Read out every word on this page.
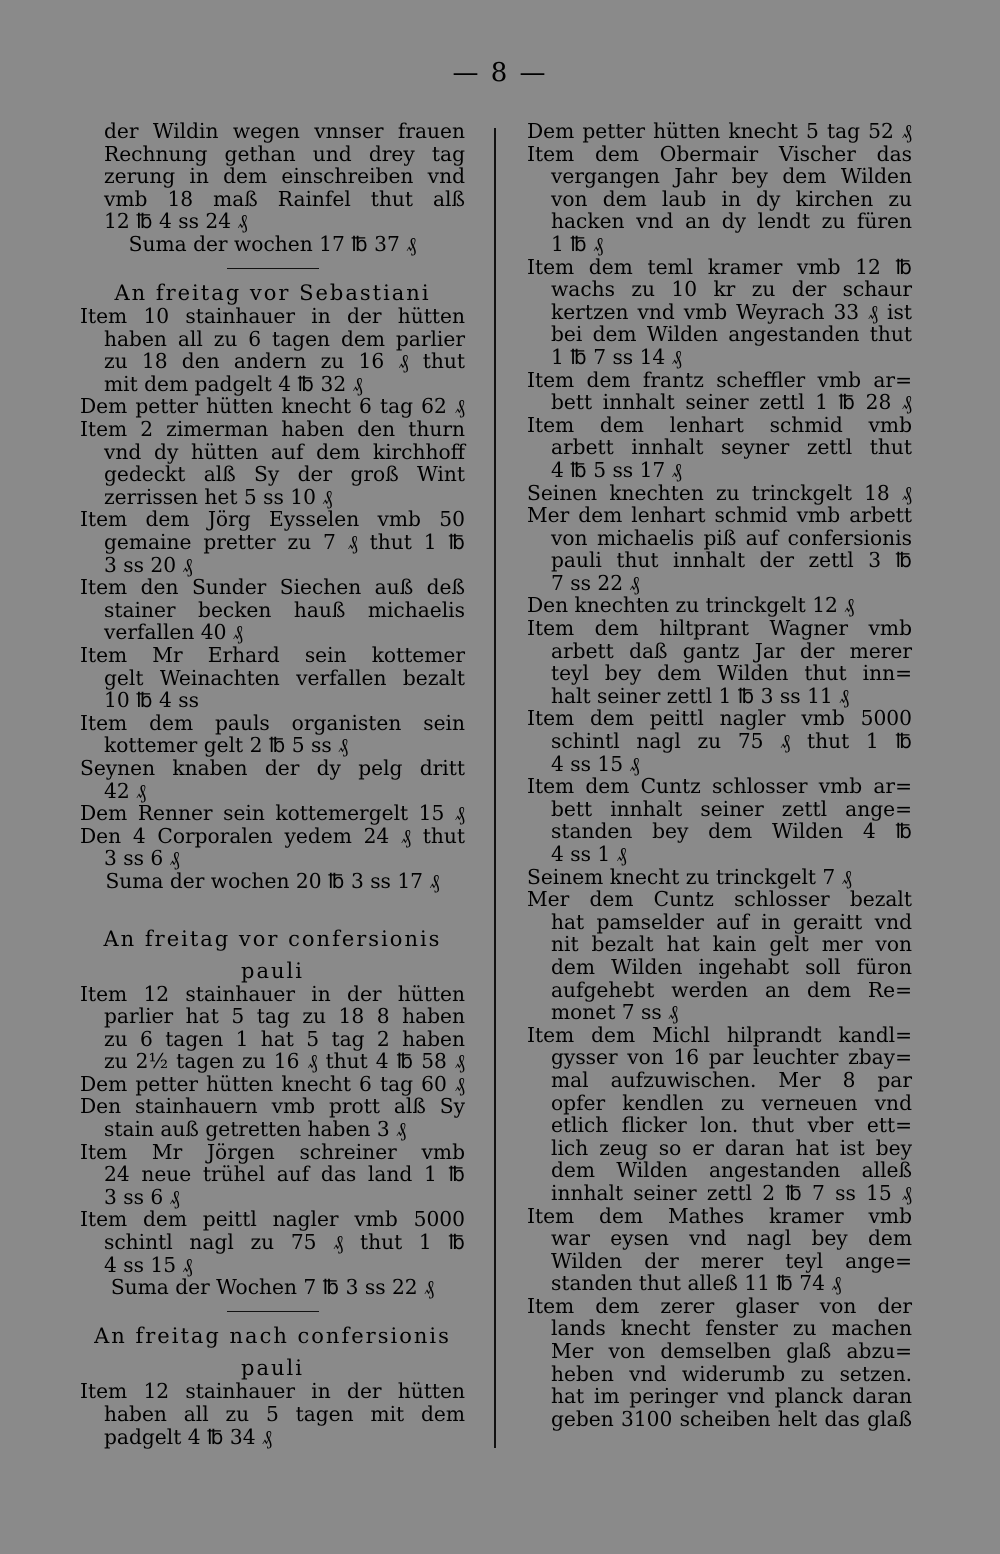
— 8 —
der Wildin wegen vnnser frauen
Rechnung gethan und drey tag
zerung in dem einschreiben vnd
vmb 18 maß Rainfel thut alß
12 ℔ 4 ss 24 ₰
Suma der wochen 17 ℔ 37 ₰
An freitag vor Sebastiani
Item 10 stainhauer in der hütten
haben all zu 6 tagen dem parlier
zu 18 den andern zu 16 ₰ thut
mit dem padgelt 4 ℔ 32 ₰
Dem petter hütten knecht 6 tag 62 ₰
Item 2 zimerman haben den thurn
vnd dy hütten auf dem kirchhoff
gedeckt alß Sy der groß Wint
zerrissen het 5 ss 10 ₰
Item dem Jörg Eysselen vmb 50
gemaine pretter zu 7 ₰ thut 1 ℔
3 ss 20 ₰
Item den Sunder Siechen auß deß
stainer becken hauß michaelis
verfallen 40 ₰
Item Mr Erhard sein kottemer
gelt Weinachten verfallen bezalt
10 ℔ 4 ss
Item dem pauls organisten sein
kottemer gelt 2 ℔ 5 ss ₰
Seynen knaben der dy pelg dritt
42 ₰
Dem Renner sein kottemergelt 15 ₰
Den 4 Corporalen yedem 24 ₰ thut
3 ss 6 ₰
Suma der wochen 20 ℔ 3 ss 17 ₰
An freitag vor confersionis
pauli
Item 12 stainhauer in der hütten
parlier hat 5 tag zu 18 8 haben
zu 6 tagen 1 hat 5 tag 2 haben
zu 2½ tagen zu 16 ₰ thut 4 ℔ 58 ₰
Dem petter hütten knecht 6 tag 60 ₰
Den stainhauern vmb prott alß Sy
stain auß getretten haben 3 ₰
Item Mr Jörgen schreiner vmb
24 neue trühel auf das land 1 ℔
3 ss 6 ₰
Item dem peittl nagler vmb 5000
schintl nagl zu 75 ₰ thut 1 ℔
4 ss 15 ₰
Suma der Wochen 7 ℔ 3 ss 22 ₰
An freitag nach confersionis
pauli
Item 12 stainhauer in der hütten
haben all zu 5 tagen mit dem
padgelt 4 ℔ 34 ₰
Dem petter hütten knecht 5 tag 52 ₰
Item dem Obermair Vischer das
vergangen Jahr bey dem Wilden
von dem laub in dy kirchen zu
hacken vnd an dy lendt zu füren
1 ℔ ₰
Item dem teml kramer vmb 12 ℔
wachs zu 10 kr zu der schaur
kertzen vnd vmb Weyrach 33 ₰ ist
bei dem Wilden angestanden thut
1 ℔ 7 ss 14 ₰
Item dem frantz scheffler vmb ar=
bett innhalt seiner zettl 1 ℔ 28 ₰
Item dem lenhart schmid vmb
arbett innhalt seyner zettl thut
4 ℔ 5 ss 17 ₰
Seinen knechten zu trinckgelt 18 ₰
Mer dem lenhart schmid vmb arbett
von michaelis piß auf confersionis
pauli thut innhalt der zettl 3 ℔
7 ss 22 ₰
Den knechten zu trinckgelt 12 ₰
Item dem hiltprant Wagner vmb
arbett daß gantz Jar der merer
teyl bey dem Wilden thut inn=
halt seiner zettl 1 ℔ 3 ss 11 ₰
Item dem peittl nagler vmb 5000
schintl nagl zu 75 ₰ thut 1 ℔
4 ss 15 ₰
Item dem Cuntz schlosser vmb ar=
bett innhalt seiner zettl ange=
standen bey dem Wilden 4 ℔
4 ss 1 ₰
Seinem knecht zu trinckgelt 7 ₰
Mer dem Cuntz schlosser bezalt
hat pamselder auf in geraitt vnd
nit bezalt hat kain gelt mer von
dem Wilden ingehabt soll füron
aufgehebt werden an dem Re=
monet 7 ss ₰
Item dem Michl hilprandt kandl=
gysser von 16 par leuchter zbay=
mal aufzuwischen. Mer 8 par
opfer kendlen zu verneuen vnd
etlich flicker lon. thut vber ett=
lich zeug so er daran hat ist bey
dem Wilden angestanden alleß
innhalt seiner zettl 2 ℔ 7 ss 15 ₰
Item dem Mathes kramer vmb
war eysen vnd nagl bey dem
Wilden der merer teyl ange=
standen thut alleß 11 ℔ 74 ₰
Item dem zerer glaser von der
lands knecht fenster zu machen
Mer von demselben glaß abzu=
heben vnd widerumb zu setzen.
hat im peringer vnd planck daran
geben 3100 scheiben helt das glaß
